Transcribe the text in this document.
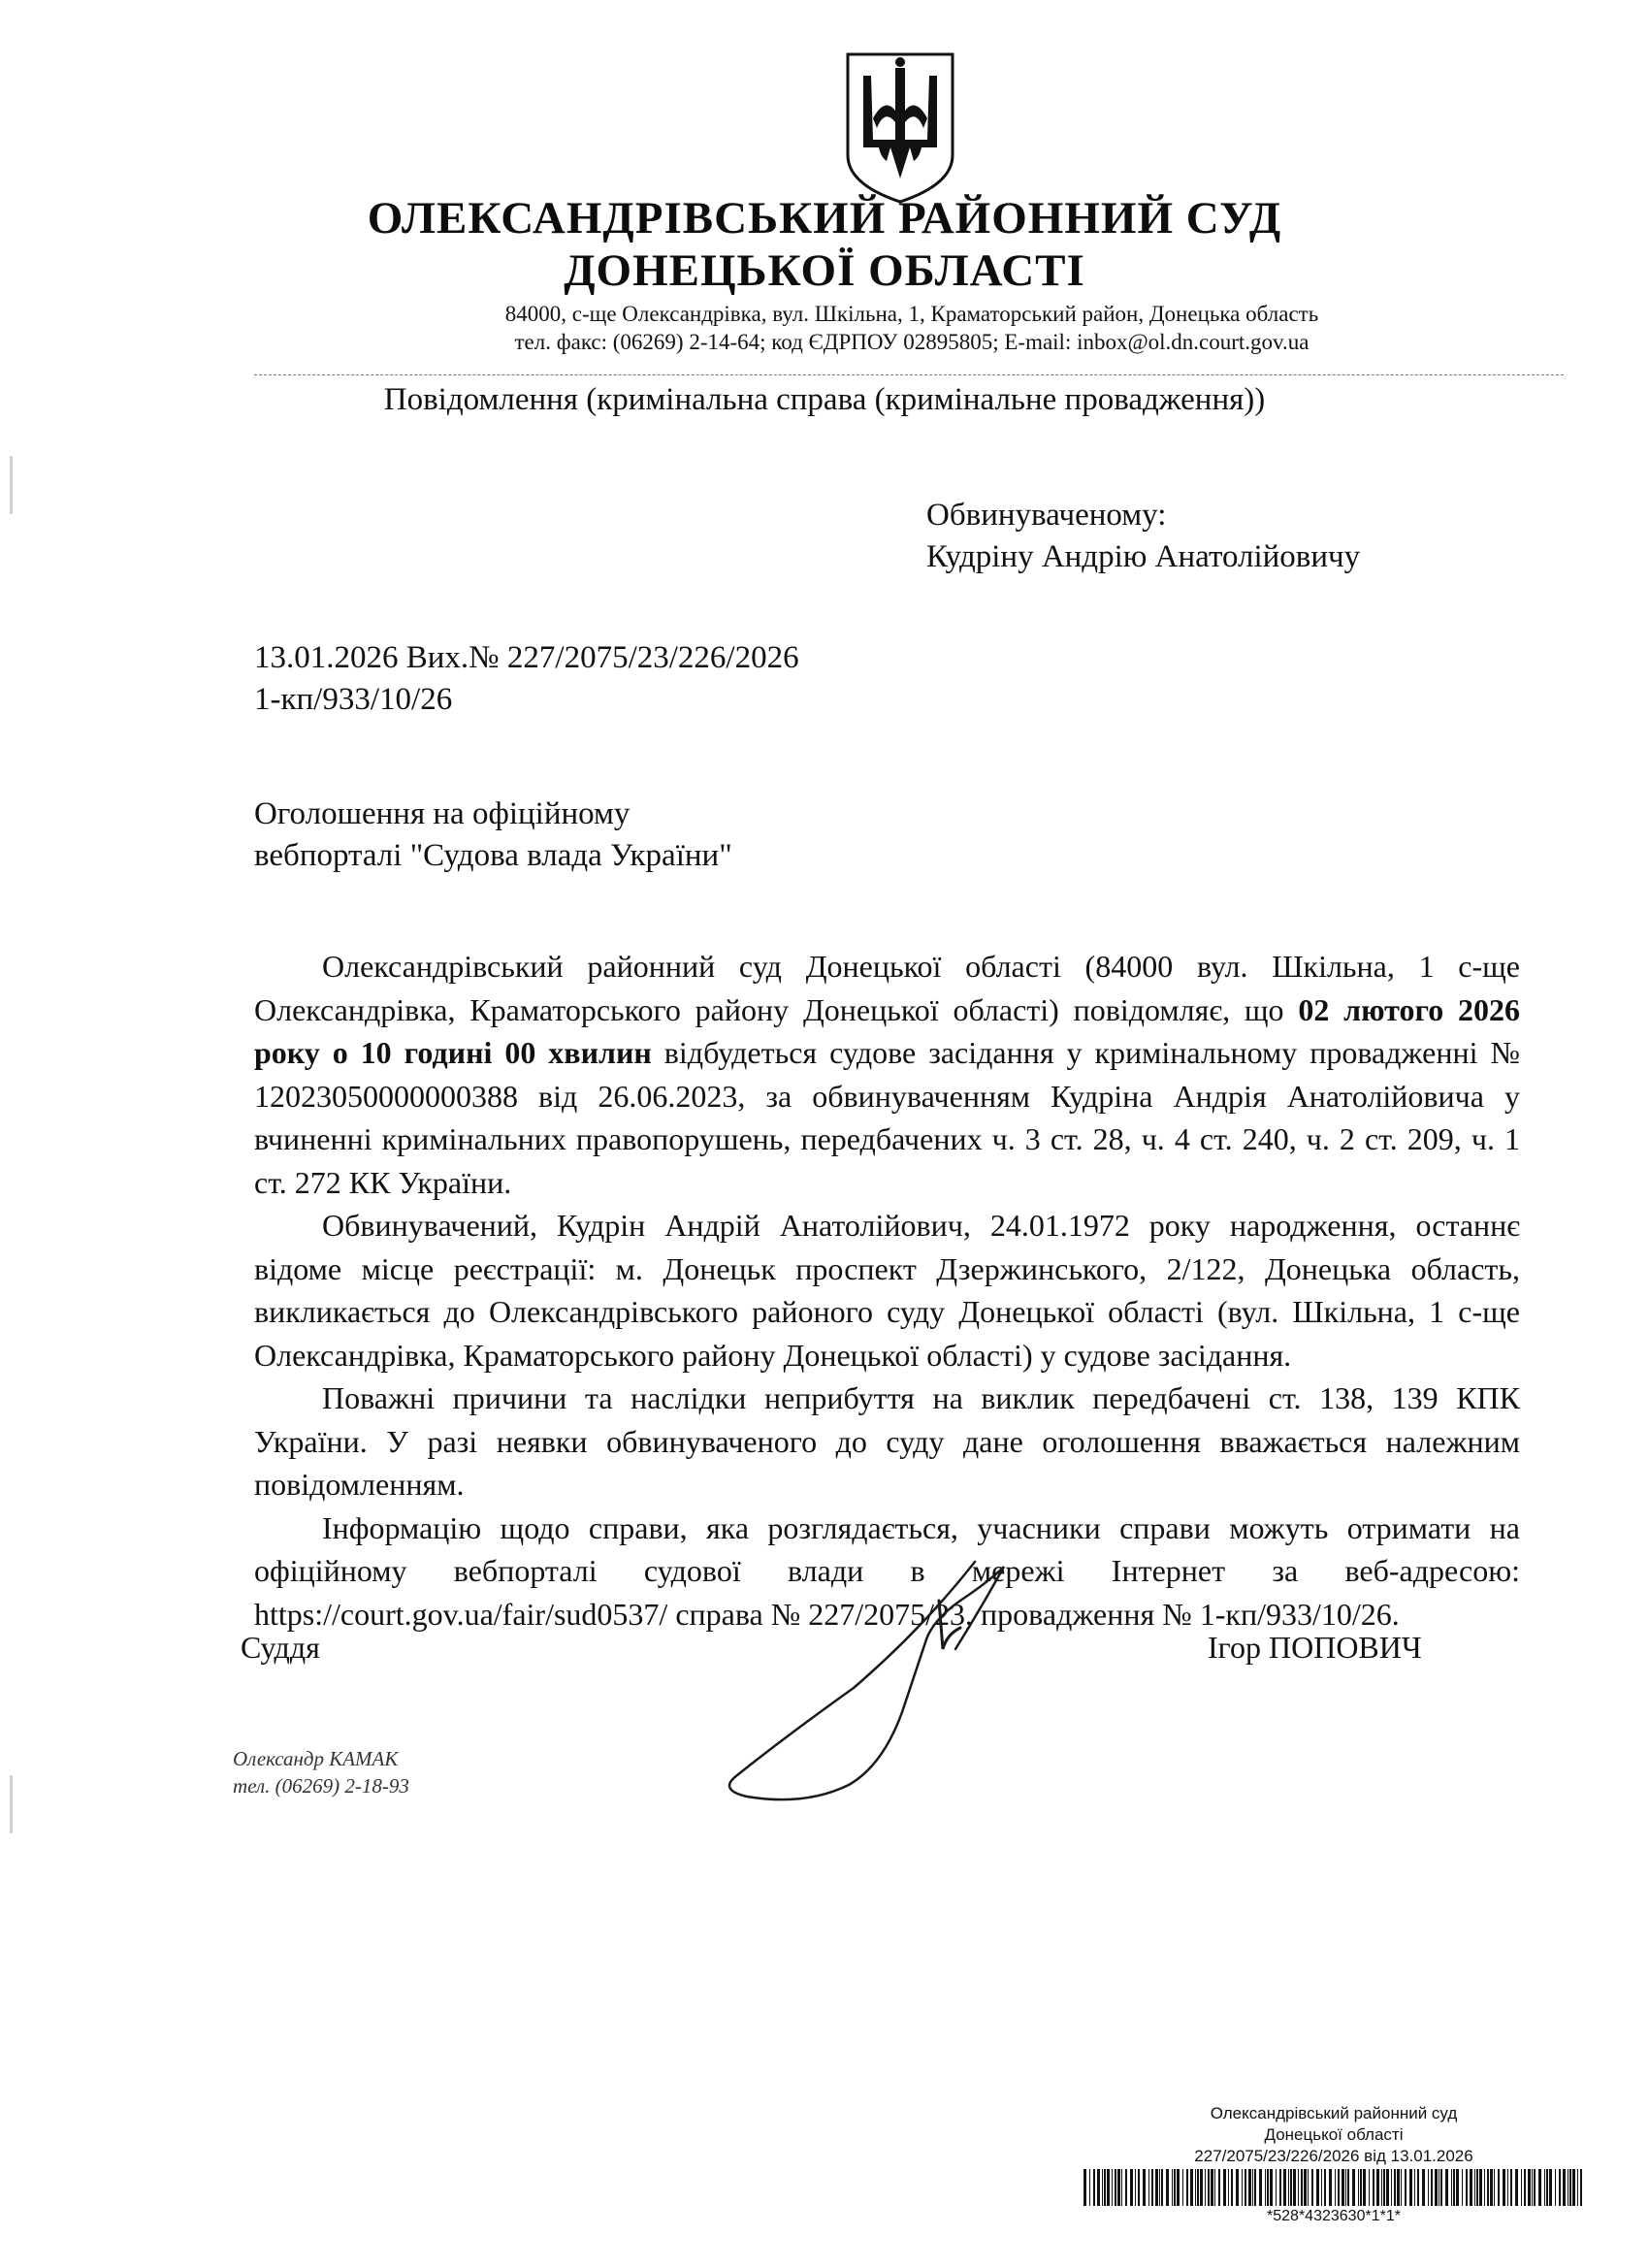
ОЛЕКСАНДРІВСЬКИЙ РАЙОННИЙ СУД
ДОНЕЦЬКОЇ ОБЛАСТІ
84000, с-ще Олександрівка, вул. Шкільна, 1, Краматорський район, Донецька область
тел. факс: (06269) 2-14-64; код ЄДРПОУ 02895805; E-mail: inbox@ol.dn.court.gov.ua
Повідомлення (кримінальна справа (кримінальне провадження))
Обвинуваченому:
Кудріну Андрію Анатолійовичу
13.01.2026 Вих.№ 227/2075/23/226/2026
1-кп/933/10/26
Оголошення на офіційному
вебпорталі "Судова влада України"

Олександрівський районний суд Донецької області (84000 вул. Шкільна, 1 с-ще Олександрівка, Краматорського району Донецької області) повідомляє, що 02 лютого 2026 року о 10 годині 00 хвилин відбудеться судове засідання у кримінальному провадженні № 12023050000000388 від 26.06.2023, за обвинуваченням Кудріна Андрія Анатолійовича у вчиненні кримінальних правопорушень, передбачених ч. 3 ст. 28, ч. 4 ст. 240, ч. 2 ст. 209, ч. 1 ст. 272 КК України.

Обвинувачений, Кудрін Андрій Анатолійович, 24.01.1972 року народження, останнє відоме місце реєстрації: м. Донецьк проспект Дзержинського, 2/122, Донецька область, викликається до Олександрівського районого суду Донецької області (вул. Шкільна, 1 с-ще Олександрівка, Краматорського району Донецької області) у судове засідання.

Поважні причини та наслідки неприбуття на виклик передбачені ст. 138, 139 КПК України. У разі неявки обвинуваченого до суду дане оголошення вважається належним повідомленням.

Інформацію щодо справи, яка розглядається, учасники справи можуть отримати на офіційному вебпорталі судової влади в мережі Інтернет за веб-адресою: https://court.gov.ua/fair/sud0537/ справа № 227/2075/23, провадження № 1-кп/933/10/26.

Суддя	Ігор ПОПОВИЧ
Олександр КАМАК
тел. (06269) 2-18-93
Олександрівський районний суд
Донецької області
227/2075/23/226/2026 від 13.01.2026
*528*4323630*1*1*
